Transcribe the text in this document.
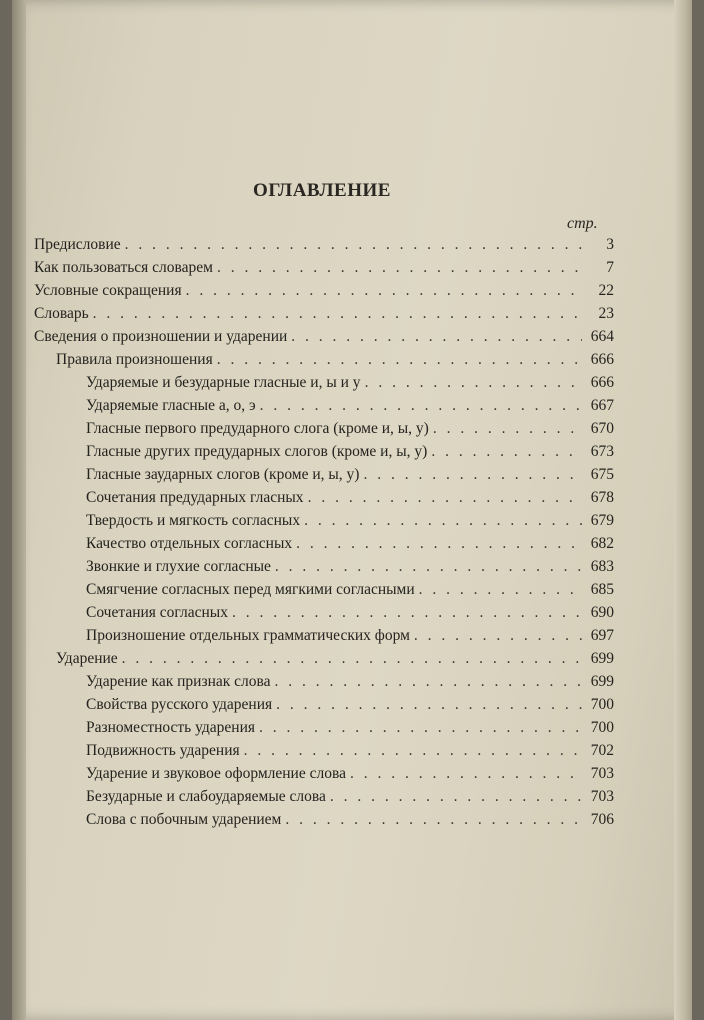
ОГЛАВЛЕНИЕ
стр.
Предисловие . . .	3
Как пользоваться словарем . . .	7
Условные сокращения . . .	22
Словарь . . .	23
Сведения о произношении и ударении . . .	664
Правила произношения . . .	666
Ударяемые и безударные гласные и, ы и у . . .	666
Ударяемые гласные а, о, э . . .	667
Гласные первого предударного слога (кроме и, ы, у) . . .	670
Гласные других предударных слогов (кроме и, ы, у) . . .	673
Гласные заударных слогов (кроме и, ы, у) . . .	675
Сочетания предударных гласных . . .	678
Твердость и мягкость согласных . . .	679
Качество отдельных согласных . . .	682
Звонкие и глухие согласные . . .	683
Смягчение согласных перед мягкими согласными . . .	685
Сочетания согласных . . .	690
Произношение отдельных грамматических форм . . .	697
Ударение . . .	699
Ударение как признак слова . . .	699
Свойства русского ударения . . .	700
Разноместность ударения . . .	700
Подвижность ударения . . .	702
Ударение и звуковое оформление слова . . .	703
Безударные и слабоударяемые слова . . .	703
Слова с побочным ударением . . .	706
